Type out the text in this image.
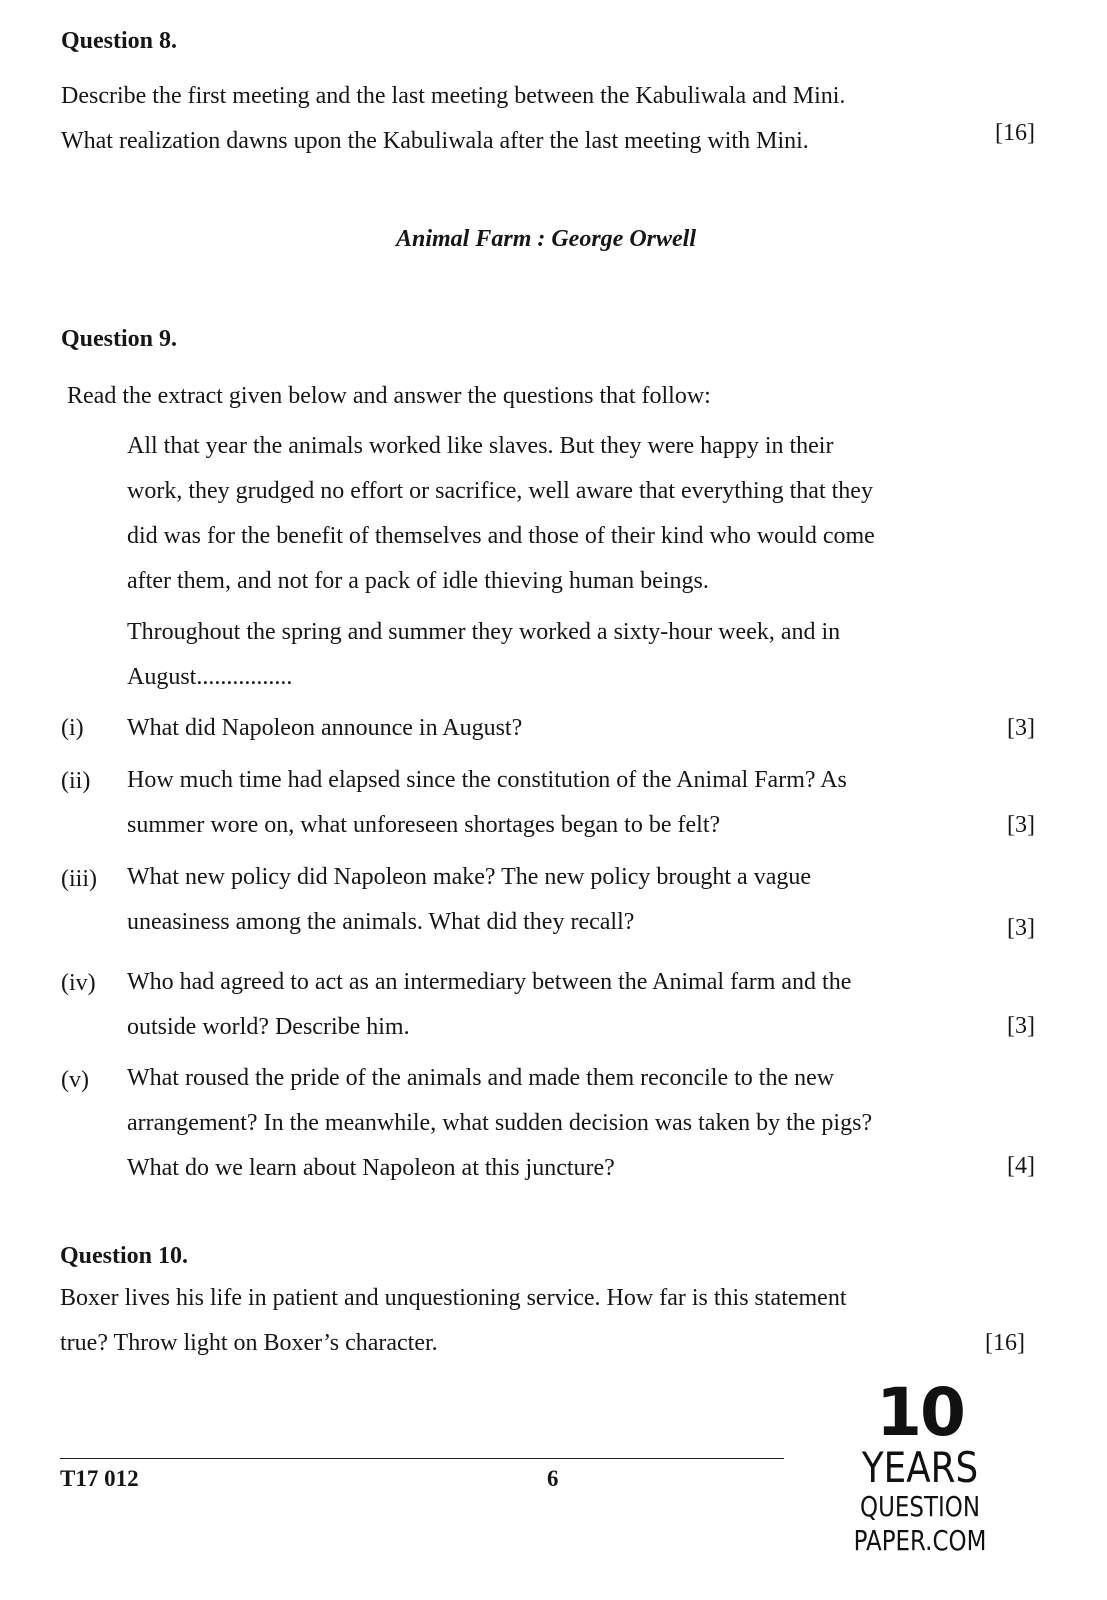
Question 8.
Describe the first meeting and the last meeting between the Kabuliwala and Mini.
What realization dawns upon the Kabuliwala after the last meeting with Mini.	[16]
Animal Farm : George Orwell
Question 9.
Read the extract given below and answer the questions that follow:
All that year the animals worked like slaves. But they were happy in their
work, they grudged no effort or sacrifice, well aware that everything that they
did was for the benefit of themselves and those of their kind who would come
after them, and not for a pack of idle thieving human beings.
Throughout the spring and summer they worked a sixty-hour week, and in
August................
(i) What did Napoleon announce in August?	[3]
(ii) How much time had elapsed since the constitution of the Animal Farm? As
summer wore on, what unforeseen shortages began to be felt?	[3]
(iii) What new policy did Napoleon make? The new policy brought a vague
uneasiness among the animals. What did they recall?	[3]
(iv) Who had agreed to act as an intermediary between the Animal farm and the
outside world? Describe him.	[3]
(v) What roused the pride of the animals and made them reconcile to the new
arrangement? In the meanwhile, what sudden decision was taken by the pigs?
What do we learn about Napoleon at this juncture?	[4]
Question 10.
Boxer lives his life in patient and unquestioning service. How far is this statement
true? Throw light on Boxer’s character.	[16]
T17 012	6
10
YEARS
QUESTION PAPER.COM
